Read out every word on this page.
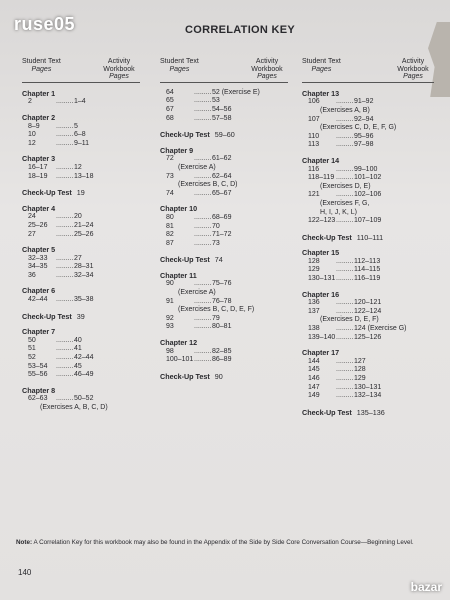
ruse05
bazar
CORRELATION KEY
Student Text
Pages
Activity Workbook
Pages
Chapter 1
2	......... 1–4
Chapter 2
8–9	......... 5
10	......... 6–8
12	......... 9–11
Chapter 3
16–17	......... 12
18–19	......... 13–18
Check-Up Test 19
Chapter 4
24	......... 20
25–26	......... 21–24
27	......... 25–26
Chapter 5
32–33	......... 27
34–35	......... 28–31
36	......... 32–34
Chapter 6
42–44	......... 35–38
Check-Up Test 39
Chapter 7
50	......... 40
51	......... 41
52	......... 42–44
53–54	......... 45
55–56	......... 46–49
Chapter 8
62–63	......... 50–52
(Exercises A, B, C, D)
Student Text
Pages
Activity Workbook
Pages
64	......... 52 (Exercise E)
65	......... 53
67	......... 54–56
68	......... 57–58
Check-Up Test 59–60
Chapter 9
72	......... 61–62
(Exercise A)
73	......... 62–64
(Exercises B, C, D)
74	......... 65–67
Chapter 10
80	......... 68–69
81	......... 70
82	......... 71–72
87	......... 73
Check-Up Test 74
Chapter 11
90	......... 75–76
(Exercise A)
91	......... 76–78
(Exercises B, C, D, E, F)
92	......... 79
93	......... 80–81
Chapter 12
98	......... 82–85
100–101 ......... 86–89
Check-Up Test 90
Student Text
Pages
Activity Workbook
Pages
Chapter 13
106	......... 91–92
(Exercises A, B)
107	......... 92–94
(Exercises C, D, E, F, G)
110	......... 95–96
113	......... 97–98
Chapter 14
116	......... 99–100
118–119 ......... 101–102
(Exercises D, E)
121	......... 102–106
(Exercises F, G,
H, I, J, K, L)
122–123 ......... 107–109
Check-Up Test 110–111
Chapter 15
128	......... 112–113
129	......... 114–115
130–131 ......... 116–119
Chapter 16
136	......... 120–121
137	......... 122–124
(Exercises D, E, F)
138	......... 124 (Exercise G)
139–140 ......... 125–126
Chapter 17
144	......... 127
145	......... 128
146	......... 129
147	......... 130–131
149	......... 132–134
Check-Up Test 135–136
Note: A Correlation Key for this workbook may also be found in the Appendix of the Side by Side Core Conversation Course—Beginning Level.
140
